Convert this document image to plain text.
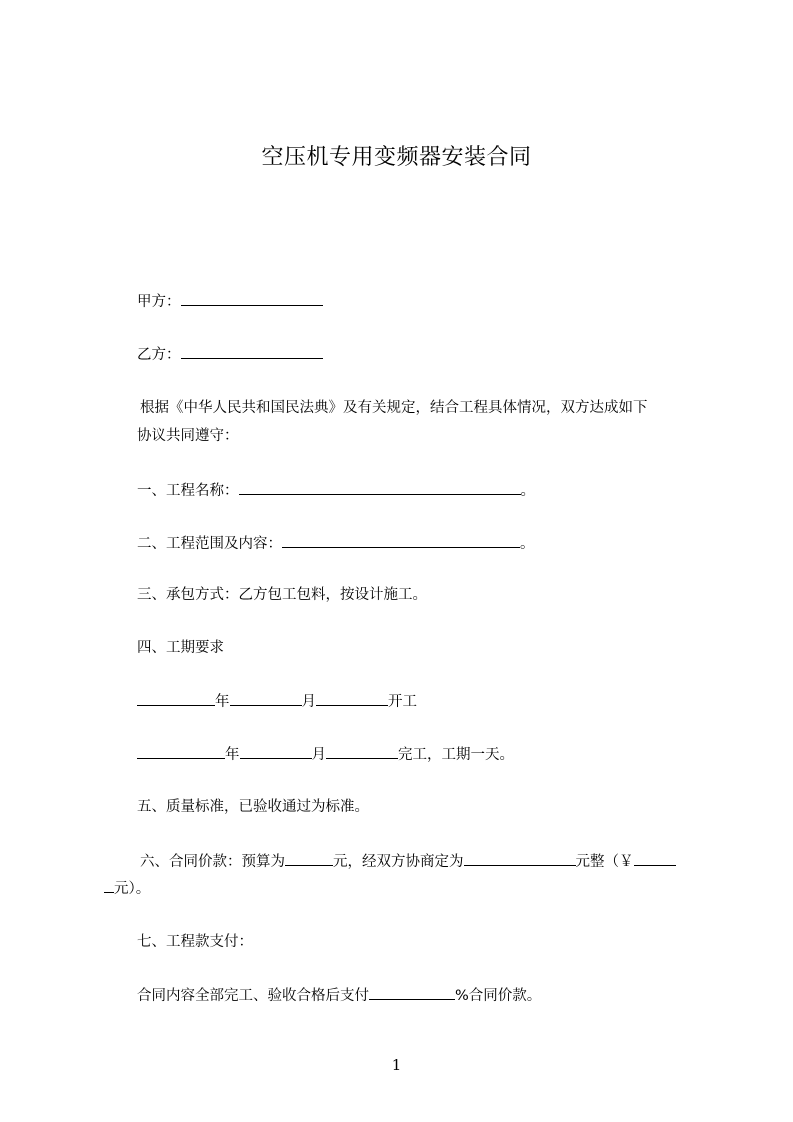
空压机专用变频器安装合同
甲方：
乙方：
根据《中华人民共和国民法典》及有关规定，结合工程具体情况，双方达成如下
协议共同遵守：
一、工程名称：	。
二、工程范围及内容：	。
三、承包方式：乙方包工包料，按设计施工。
四、工期要求
年	月	开工
年	月	完工，工期一天。
五、质量标准，已验收通过为标准。
六、合同价款：预算为	元，经双方协商定为	元整（￥
元）。
七、工程款支付：
合同内容全部完工、验收合格后支付	%合同价款。
1
